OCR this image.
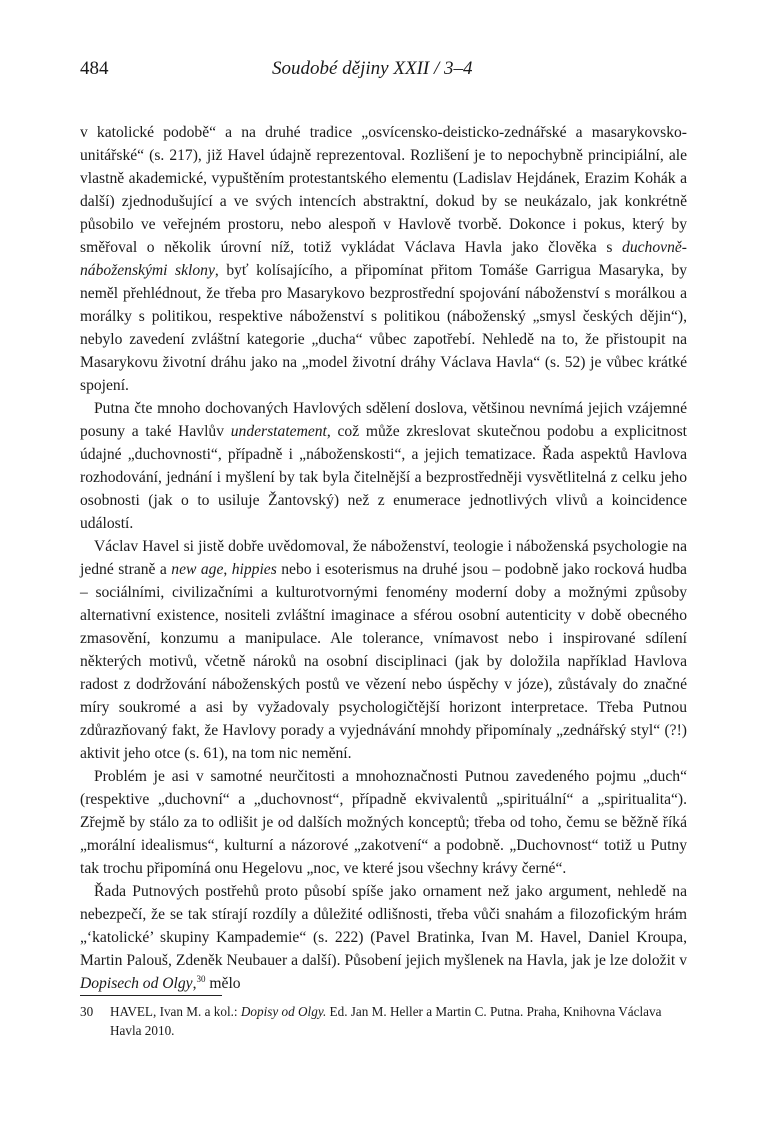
484	Soudobé dějiny XXII / 3–4

v katolické podobě“ a na druhé tradice „osvícensko-deisticko-zednářské a masarykovsko-unitářské“ (s. 217), již Havel údajně reprezentoval. Rozlišení je to nepochybně principiální, ale vlastně akademické, vypuštěním protestantského elementu (Ladislav Hejdánek, Erazim Kohák a další) zjednodušující a ve svých intencích abstraktní, dokud by se neukázalo, jak konkrétně působilo ve veřejném prostoru, nebo alespoň v Havlově tvorbě. Dokonce i pokus, který by směřoval o několik úrovní níž, totiž vykládat Václava Havla jako člověka s duchovně-náboženskými sklony, byť kolísajícího, a připomínat přitom Tomáše Garrigua Masaryka, by neměl přehlédnout, že třeba pro Masarykovo bezprostřední spojování náboženství s morálkou a morálky s politikou, respektive náboženství s politikou (náboženský „smysl českých dějin“), nebylo zavedení zvláštní kategorie „ducha“ vůbec zapotřebí. Nehledě na to, že přistoupit na Masarykovu životní dráhu jako na „model životní dráhy Václava Havla“ (s. 52) je vůbec krátké spojení.

Putna čte mnoho dochovaných Havlových sdělení doslova, většinou nevnímá jejich vzájemné posuny a také Havlův understatement, což může zkreslovat skutečnou podobu a explicitnost údajné „duchovnosti“, případně i „náboženskosti“, a jejich tematizace. Řada aspektů Havlova rozhodování, jednání i myšlení by tak byla čitelnější a bezprostředněji vysvětlitelná z celku jeho osobnosti (jak o to usiluje Žantovský) než z enumerace jednotlivých vlivů a koincidence událostí.

Václav Havel si jistě dobře uvědomoval, že náboženství, teologie i náboženská psychologie na jedné straně a new age, hippies nebo i esoterismus na druhé jsou – podobně jako rocková hudba – sociálními, civilizačními a kulturotvornými fenomény moderní doby a možnými způsoby alternativní existence, nositeli zvláštní imaginace a sférou osobní autenticity v době obecného zmasovění, konzumu a manipulace. Ale tolerance, vnímavost nebo i inspirované sdílení některých motivů, včetně nároků na osobní disciplinaci (jak by doložila například Havlova radost z dodržování náboženských postů ve vězení nebo úspěchy v józe), zůstávaly do značné míry soukromé a asi by vyžadovaly psychologičtější horizont interpretace. Třeba Putnou zdůrazňovaný fakt, že Havlovy porady a vyjednávání mnohdy připomínaly „zednářský styl“ (?!) aktivit jeho otce (s. 61), na tom nic nemění.

Problém je asi v samotné neurčitosti a mnohoznačnosti Putnou zavedeného pojmu „duch“ (respektive „duchovní“ a „duchovnost“, případně ekvivalentů „spirituální“ a „spiritualita“). Zřejmě by stálo za to odlišit je od dalších možných konceptů; třeba od toho, čemu se běžně říká „morální idealismus“, kulturní a názorové „zakotvení“ a podobně. „Duchovnost“ totiž u Putny tak trochu připomíná onu Hegelovu „noc, ve které jsou všechny krávy černé“.

Řada Putnových postřehů proto působí spíše jako ornament než jako argument, nehledě na nebezpečí, že se tak stírají rozdíly a důležité odlišnosti, třeba vůči snahám a filozofickým hrám „‘katolické’ skupiny Kampademie“ (s. 222) (Pavel Bratinka, Ivan M. Havel, Daniel Kroupa, Martin Palouš, Zdeněk Neubauer a další). Působení jejich myšlenek na Havla, jak je lze doložit v Dopisech od Olgy,$^{30}$ mělo

30 HAVEL, Ivan M. a kol.: Dopisy od Olgy. Ed. Jan M. Heller a Martin C. Putna. Praha, Knihovna Václava Havla 2010.
